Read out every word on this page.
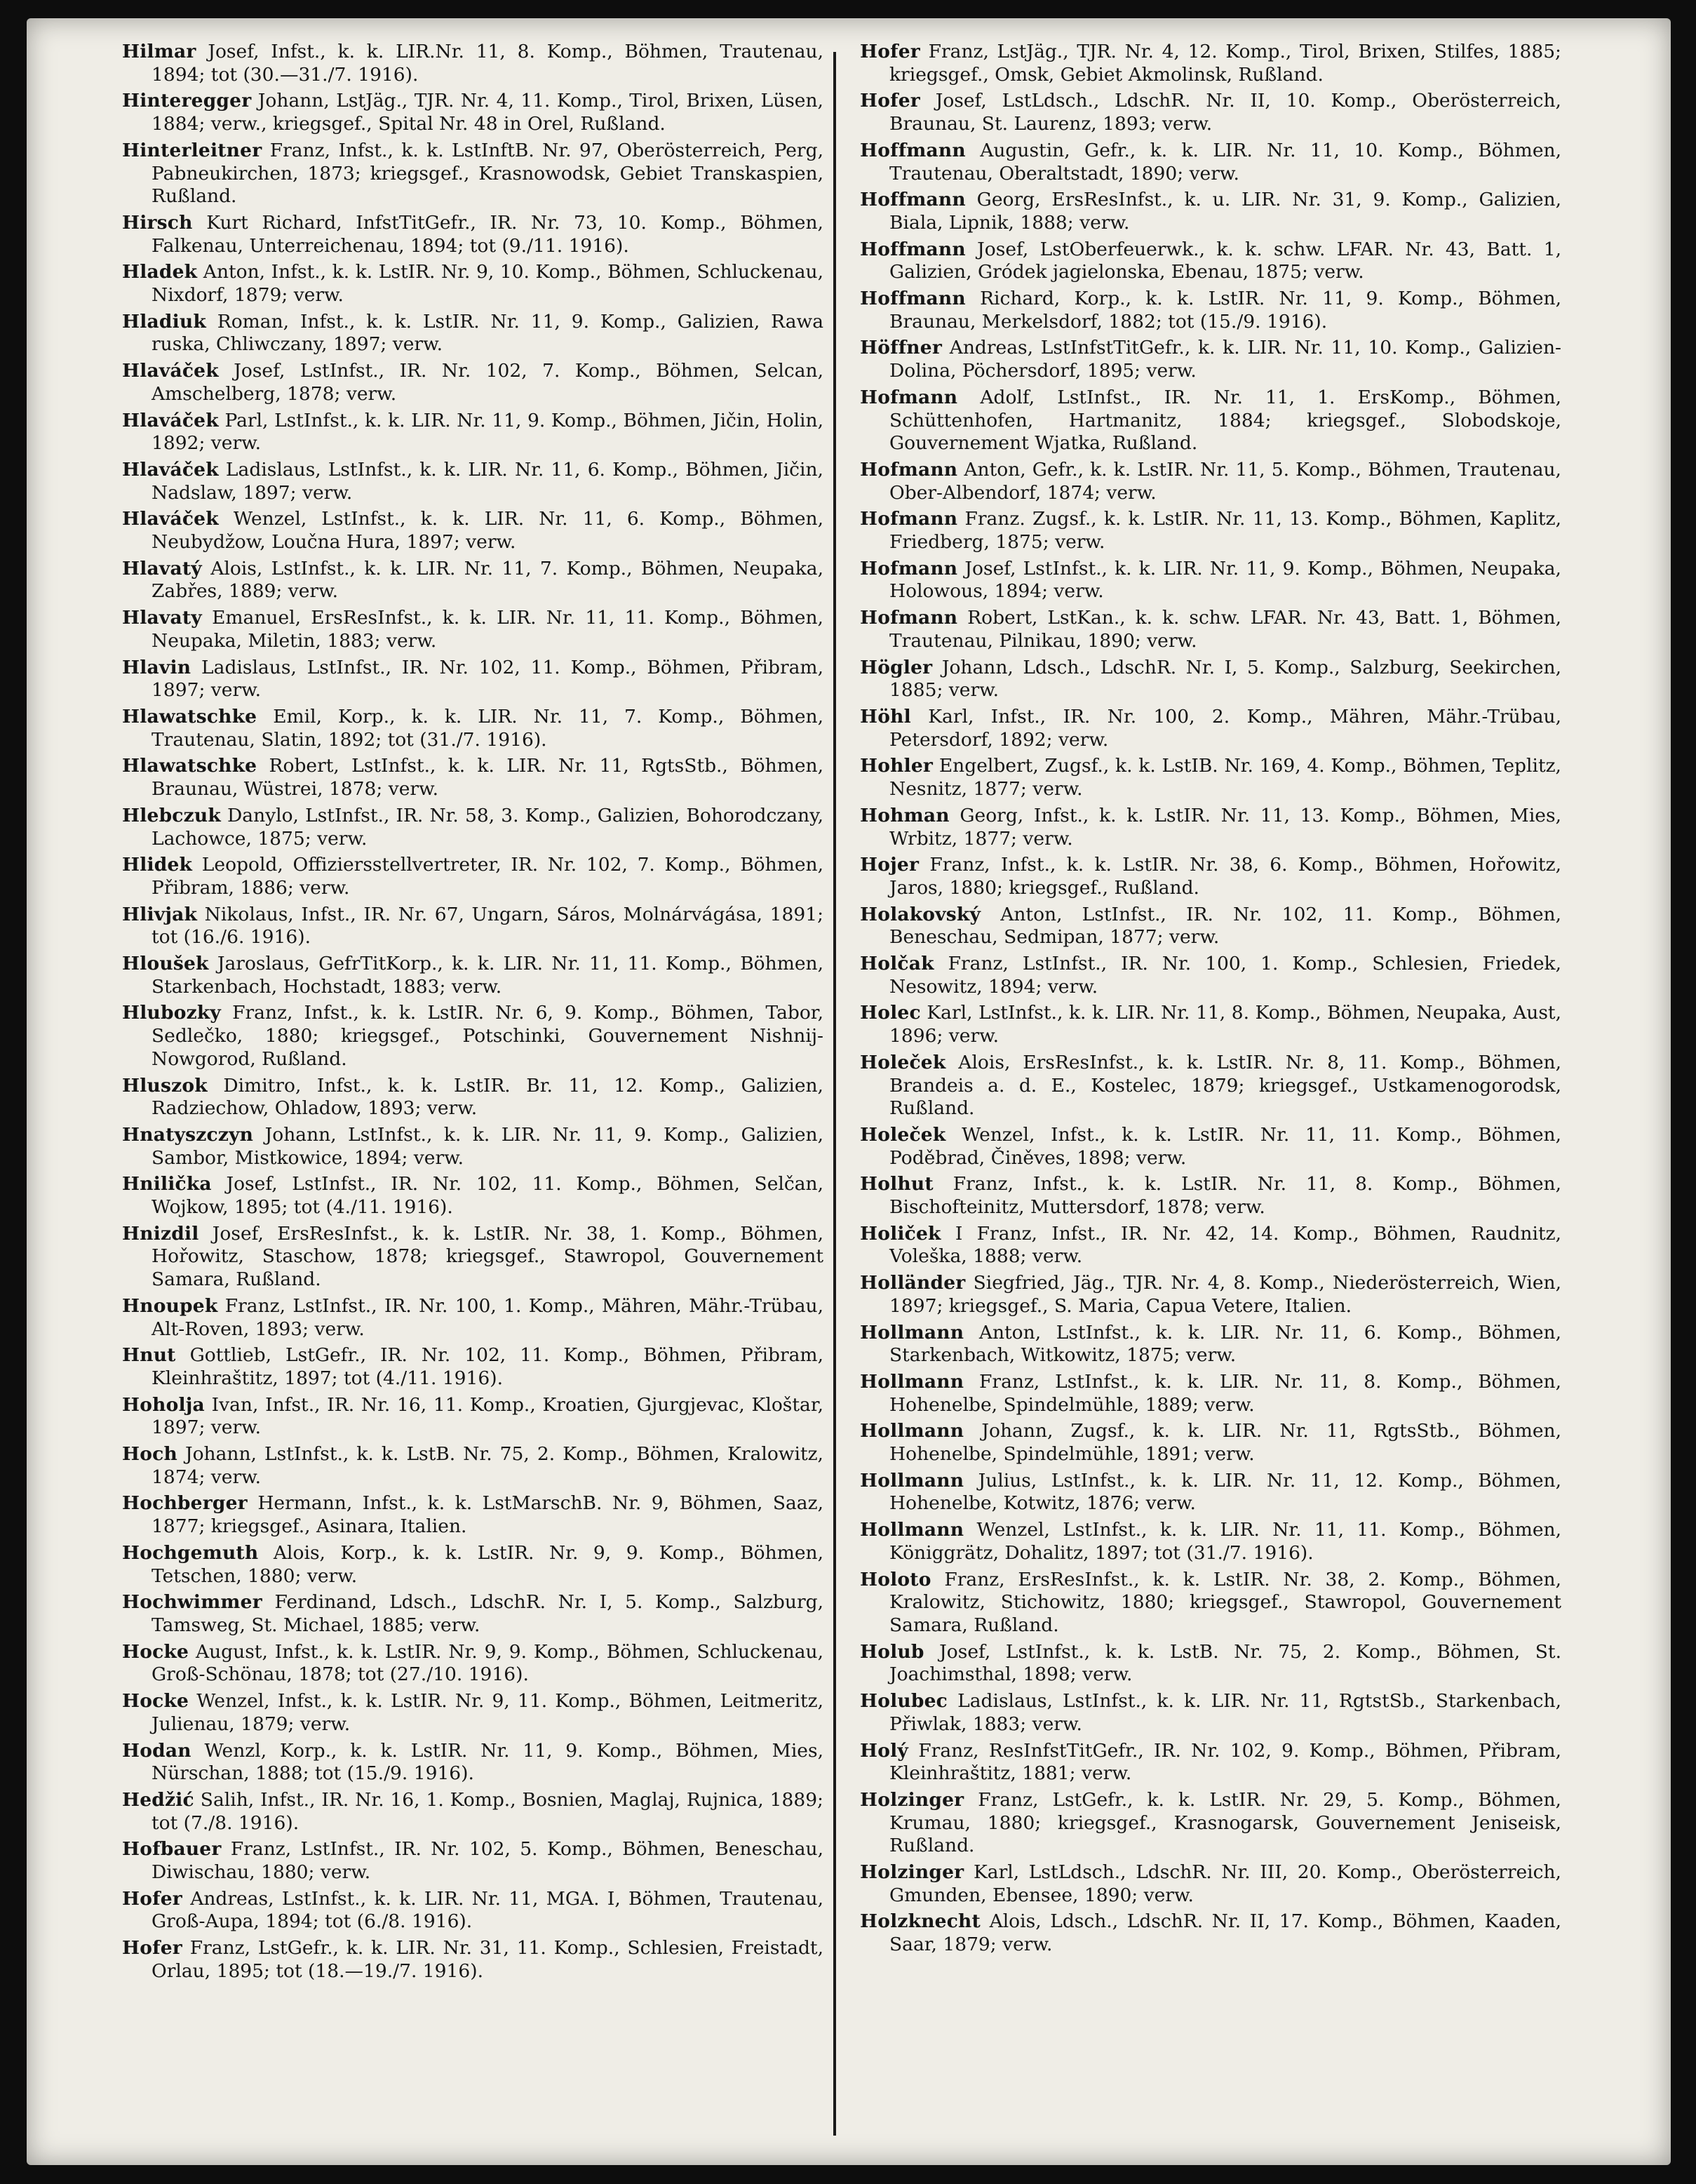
Hilmar Josef, Infst., k. k. LIR.Nr. 11, 8. Komp., Böhmen, Trautenau, 1894; tot (30.—31./7. 1916).

Hinteregger Johann, LstJäg., TJR. Nr. 4, 11. Komp., Tirol, Brixen, Lüsen, 1884; verw., kriegsgef., Spital Nr. 48 in Orel, Rußland.

Hinterleitner Franz, Infst., k. k. LstInftB. Nr. 97, Oberösterreich, Perg, Pabneukirchen, 1873; kriegsgef., Krasnowodsk, Gebiet Transkaspien, Rußland.

Hirsch Kurt Richard, InfstTitGefr., IR. Nr. 73, 10. Komp., Böhmen, Falkenau, Unterreichenau, 1894; tot (9./11. 1916).

Hladek Anton, Infst., k. k. LstIR. Nr. 9, 10. Komp., Böhmen, Schluckenau, Nixdorf, 1879; verw.

Hladiuk Roman, Infst., k. k. LstIR. Nr. 11, 9. Komp., Galizien, Rawa ruska, Chliwczany, 1897; verw.

Hlaváček Josef, LstInfst., IR. Nr. 102, 7. Komp., Böhmen, Selcan, Amschelberg, 1878; verw.

Hlaváček Parl, LstInfst., k. k. LIR. Nr. 11, 9. Komp., Böhmen, Jičin, Holin, 1892; verw.

Hlaváček Ladislaus, LstInfst., k. k. LIR. Nr. 11, 6. Komp., Böhmen, Jičin, Nadslaw, 1897; verw.

Hlaváček Wenzel, LstInfst., k. k. LIR. Nr. 11, 6. Komp., Böhmen, Neubydžow, Loučna Hura, 1897; verw.

Hlavatý Alois, LstInfst., k. k. LIR. Nr. 11, 7. Komp., Böhmen, Neupaka, Zabřes, 1889; verw.

Hlavaty Emanuel, ErsResInfst., k. k. LIR. Nr. 11, 11. Komp., Böhmen, Neupaka, Miletin, 1883; verw.

Hlavin Ladislaus, LstInfst., IR. Nr. 102, 11. Komp., Böhmen, Přibram, 1897; verw.

Hlawatschke Emil, Korp., k. k. LIR. Nr. 11, 7. Komp., Böhmen, Trautenau, Slatin, 1892; tot (31./7. 1916).

Hlawatschke Robert, LstInfst., k. k. LIR. Nr. 11, RgtsStb., Böhmen, Braunau, Wüstrei, 1878; verw.

Hlebczuk Danylo, LstInfst., IR. Nr. 58, 3. Komp., Galizien, Bohorodczany, Lachowce, 1875; verw.

Hlidek Leopold, Offiziersstellvertreter, IR. Nr. 102, 7. Komp., Böhmen, Přibram, 1886; verw.

Hlivjak Nikolaus, Infst., IR. Nr. 67, Ungarn, Sáros, Molnárvágása, 1891; tot (16./6. 1916).

Hloušek Jaroslaus, GefrTitKorp., k. k. LIR. Nr. 11, 11. Komp., Böhmen, Starkenbach, Hochstadt, 1883; verw.

Hlubozky Franz, Infst., k. k. LstIR. Nr. 6, 9. Komp., Böhmen, Tabor, Sedlečko, 1880; kriegsgef., Potschinki, Gouvernement Nishnij-Nowgorod, Rußland.

Hluszok Dimitro, Infst., k. k. LstIR. Br. 11, 12. Komp., Galizien, Radziechow, Ohladow, 1893; verw.

Hnatyszczyn Johann, LstInfst., k. k. LIR. Nr. 11, 9. Komp., Galizien, Sambor, Mistkowice, 1894; verw.

Hnilička Josef, LstInfst., IR. Nr. 102, 11. Komp., Böhmen, Selčan, Wojkow, 1895; tot (4./11. 1916).

Hnizdil Josef, ErsResInfst., k. k. LstIR. Nr. 38, 1. Komp., Böhmen, Hořowitz, Staschow, 1878; kriegsgef., Stawropol, Gouvernement Samara, Rußland.

Hnoupek Franz, LstInfst., IR. Nr. 100, 1. Komp., Mähren, Mähr.-Trübau, Alt-Roven, 1893; verw.

Hnut Gottlieb, LstGefr., IR. Nr. 102, 11. Komp., Böhmen, Přibram, Kleinhraštitz, 1897; tot (4./11. 1916).

Hoholja Ivan, Infst., IR. Nr. 16, 11. Komp., Kroatien, Gjurgjevac, Kloštar, 1897; verw.

Hoch Johann, LstInfst., k. k. LstB. Nr. 75, 2. Komp., Böhmen, Kralowitz, 1874; verw.

Hochberger Hermann, Infst., k. k. LstMarschB. Nr. 9, Böhmen, Saaz, 1877; kriegsgef., Asinara, Italien.

Hochgemuth Alois, Korp., k. k. LstIR. Nr. 9, 9. Komp., Böhmen, Tetschen, 1880; verw.

Hochwimmer Ferdinand, Ldsch., LdschR. Nr. I, 5. Komp., Salzburg, Tamsweg, St. Michael, 1885; verw.

Hocke August, Infst., k. k. LstIR. Nr. 9, 9. Komp., Böhmen, Schluckenau, Groß-Schönau, 1878; tot (27./10. 1916).

Hocke Wenzel, Infst., k. k. LstIR. Nr. 9, 11. Komp., Böhmen, Leitmeritz, Julienau, 1879; verw.

Hodan Wenzl, Korp., k. k. LstIR. Nr. 11, 9. Komp., Böhmen, Mies, Nürschan, 1888; tot (15./9. 1916).

Hedžić Salih, Infst., IR. Nr. 16, 1. Komp., Bosnien, Maglaj, Rujnica, 1889; tot (7./8. 1916).

Hofbauer Franz, LstInfst., IR. Nr. 102, 5. Komp., Böhmen, Beneschau, Diwischau, 1880; verw.

Hofer Andreas, LstInfst., k. k. LIR. Nr. 11, MGA. I, Böhmen, Trautenau, Groß-Aupa, 1894; tot (6./8. 1916).

Hofer Franz, LstGefr., k. k. LIR. Nr. 31, 11. Komp., Schlesien, Freistadt, Orlau, 1895; tot (18.—19./7. 1916).

Hofer Franz, LstJäg., TJR. Nr. 4, 12. Komp., Tirol, Brixen, Stilfes, 1885; kriegsgef., Omsk, Gebiet Akmolinsk, Rußland.

Hofer Josef, LstLdsch., LdschR. Nr. II, 10. Komp., Oberösterreich, Braunau, St. Laurenz, 1893; verw.

Hoffmann Augustin, Gefr., k. k. LIR. Nr. 11, 10. Komp., Böhmen, Trautenau, Oberaltstadt, 1890; verw.

Hoffmann Georg, ErsResInfst., k. u. LIR. Nr. 31, 9. Komp., Galizien, Biala, Lipnik, 1888; verw.

Hoffmann Josef, LstOberfeuerwk., k. k. schw. LFAR. Nr. 43, Batt. 1, Galizien, Gródek jagielonska, Ebenau, 1875; verw.

Hoffmann Richard, Korp., k. k. LstIR. Nr. 11, 9. Komp., Böhmen, Braunau, Merkelsdorf, 1882; tot (15./9. 1916).

Höffner Andreas, LstInfstTitGefr., k. k. LIR. Nr. 11, 10. Komp., Galizien-Dolina, Pöchersdorf, 1895; verw.

Hofmann Adolf, LstInfst., IR. Nr. 11, 1. ErsKomp., Böhmen, Schüttenhofen, Hartmanitz, 1884; kriegsgef., Slobodskoje, Gouvernement Wjatka, Rußland.

Hofmann Anton, Gefr., k. k. LstIR. Nr. 11, 5. Komp., Böhmen, Trautenau, Ober-Albendorf, 1874; verw.

Hofmann Franz. Zugsf., k. k. LstIR. Nr. 11, 13. Komp., Böhmen, Kaplitz, Friedberg, 1875; verw.

Hofmann Josef, LstInfst., k. k. LIR. Nr. 11, 9. Komp., Böhmen, Neupaka, Holowous, 1894; verw.

Hofmann Robert, LstKan., k. k. schw. LFAR. Nr. 43, Batt. 1, Böhmen, Trautenau, Pilnikau, 1890; verw.

Högler Johann, Ldsch., LdschR. Nr. I, 5. Komp., Salzburg, Seekirchen, 1885; verw.

Höhl Karl, Infst., IR. Nr. 100, 2. Komp., Mähren, Mähr.-Trübau, Petersdorf, 1892; verw.

Hohler Engelbert, Zugsf., k. k. LstIB. Nr. 169, 4. Komp., Böhmen, Teplitz, Nesnitz, 1877; verw.

Hohman Georg, Infst., k. k. LstIR. Nr. 11, 13. Komp., Böhmen, Mies, Wrbitz, 1877; verw.

Hojer Franz, Infst., k. k. LstIR. Nr. 38, 6. Komp., Böhmen, Hořowitz, Jaros, 1880; kriegsgef., Rußland.

Holakovský Anton, LstInfst., IR. Nr. 102, 11. Komp., Böhmen, Beneschau, Sedmipan, 1877; verw.

Holčak Franz, LstInfst., IR. Nr. 100, 1. Komp., Schlesien, Friedek, Nesowitz, 1894; verw.

Holec Karl, LstInfst., k. k. LIR. Nr. 11, 8. Komp., Böhmen, Neupaka, Aust, 1896; verw.

Holeček Alois, ErsResInfst., k. k. LstIR. Nr. 8, 11. Komp., Böhmen, Brandeis a. d. E., Kostelec, 1879; kriegsgef., Ustkamenogorodsk, Rußland.

Holeček Wenzel, Infst., k. k. LstIR. Nr. 11, 11. Komp., Böhmen, Poděbrad, Činěves, 1898; verw.

Holhut Franz, Infst., k. k. LstIR. Nr. 11, 8. Komp., Böhmen, Bischofteinitz, Muttersdorf, 1878; verw.

Holiček I Franz, Infst., IR. Nr. 42, 14. Komp., Böhmen, Raudnitz, Voleška, 1888; verw.

Holländer Siegfried, Jäg., TJR. Nr. 4, 8. Komp., Niederösterreich, Wien, 1897; kriegsgef., S. Maria, Capua Vetere, Italien.

Hollmann Anton, LstInfst., k. k. LIR. Nr. 11, 6. Komp., Böhmen, Starkenbach, Witkowitz, 1875; verw.

Hollmann Franz, LstInfst., k. k. LIR. Nr. 11, 8. Komp., Böhmen, Hohenelbe, Spindelmühle, 1889; verw.

Hollmann Johann, Zugsf., k. k. LIR. Nr. 11, RgtsStb., Böhmen, Hohenelbe, Spindelmühle, 1891; verw.

Hollmann Julius, LstInfst., k. k. LIR. Nr. 11, 12. Komp., Böhmen, Hohenelbe, Kotwitz, 1876; verw.

Hollmann Wenzel, LstInfst., k. k. LIR. Nr. 11, 11. Komp., Böhmen, Königgrätz, Dohalitz, 1897; tot (31./7. 1916).

Holoto Franz, ErsResInfst., k. k. LstIR. Nr. 38, 2. Komp., Böhmen, Kralowitz, Stichowitz, 1880; kriegsgef., Stawropol, Gouvernement Samara, Rußland.

Holub Josef, LstInfst., k. k. LstB. Nr. 75, 2. Komp., Böhmen, St. Joachimsthal, 1898; verw.

Holubec Ladislaus, LstInfst., k. k. LIR. Nr. 11, RgtstSb., Starkenbach, Přiwlak, 1883; verw.

Holý Franz, ResInfstTitGefr., IR. Nr. 102, 9. Komp., Böhmen, Přibram, Kleinhraštitz, 1881; verw.

Holzinger Franz, LstGefr., k. k. LstIR. Nr. 29, 5. Komp., Böhmen, Krumau, 1880; kriegsgef., Krasnogarsk, Gouvernement Jeniseisk, Rußland.

Holzinger Karl, LstLdsch., LdschR. Nr. III, 20. Komp., Oberösterreich, Gmunden, Ebensee, 1890; verw.

Holzknecht Alois, Ldsch., LdschR. Nr. II, 17. Komp., Böhmen, Kaaden, Saar, 1879; verw.
